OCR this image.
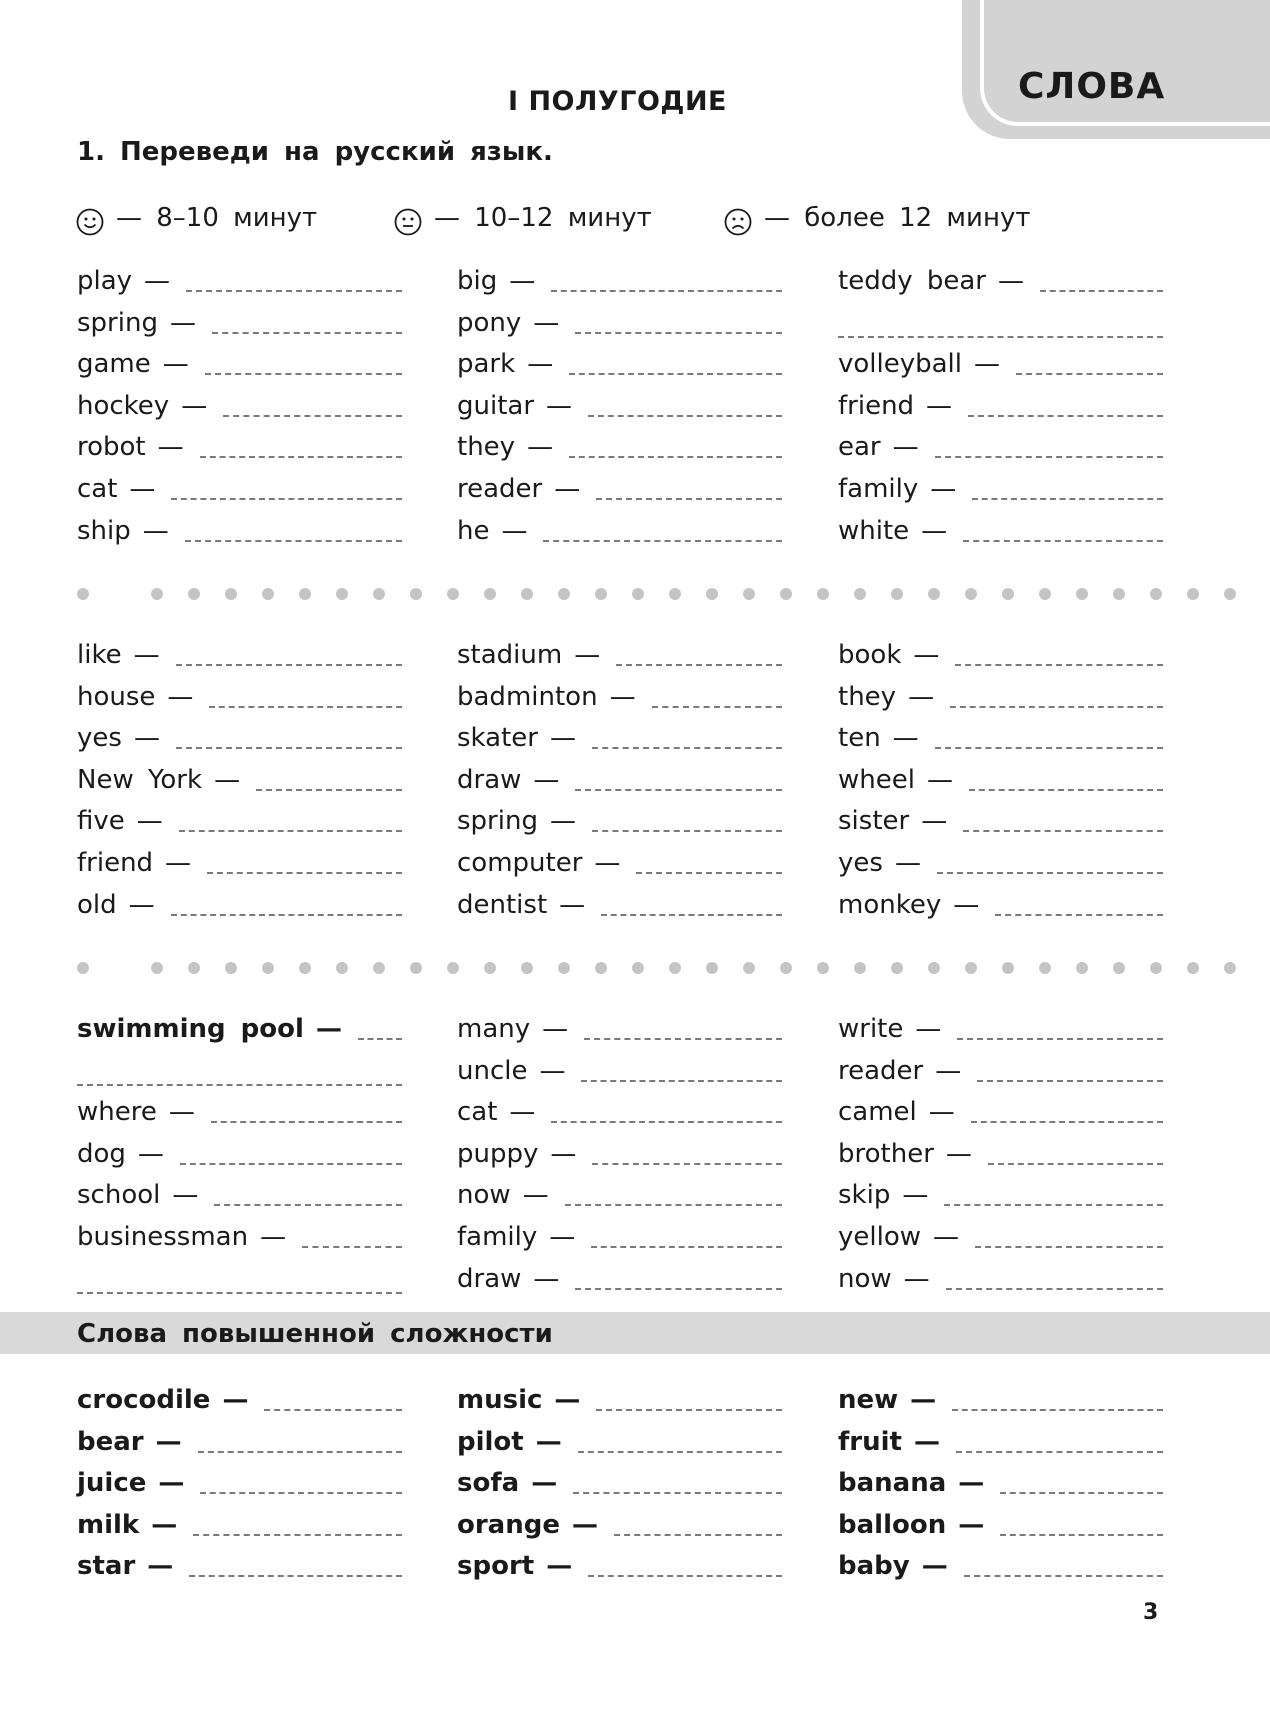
СЛОВА
I ПОЛУГОДИЕ
1. Переведи на русский язык.
— 8–10 минут	— 10–12 минут	— более 12 минут
play —
spring —
game —
hockey —
robot —
cat —
ship —
big —
pony —
park —
guitar —
they —
reader —
he —
teddy bear —
volleyball —
friend —
ear —
family —
white —
like —
house —
yes —
New York —
five —
friend —
old —
stadium —
badminton —
skater —
draw —
spring —
computer —
dentist —
book —
they —
ten —
wheel —
sister —
yes —
monkey —
swimming pool —
where —
dog —
school —
businessman —
many —
uncle —
cat —
puppy —
now —
family —
draw —
write —
reader —
camel —
brother —
skip —
yellow —
now —
crocodile —
bear —
juice —
milk —
star —
music —
pilot —
sofa —
orange —
sport —
new —
fruit —
banana —
balloon —
baby —
Слова повышенной сложности
3
